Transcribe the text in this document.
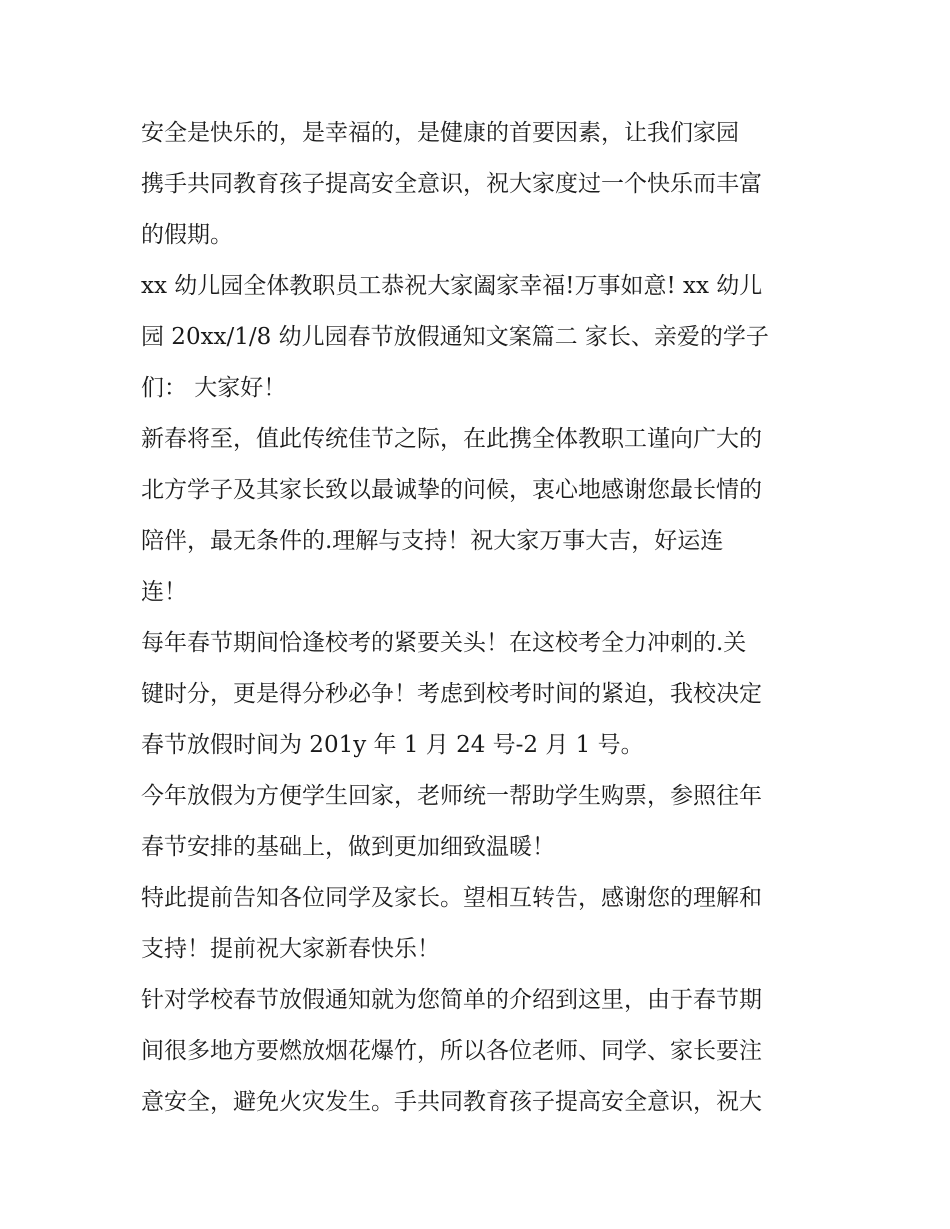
安全是快乐的，是幸福的，是健康的首要因素，让我们家园
携手共同教育孩子提高安全意识，祝大家度过一个快乐而丰富
的假期。
xx 幼儿园全体教职员工恭祝大家阖家幸福!万事如意! xx 幼儿
园 20xx/1/8 幼儿园春节放假通知文案篇二 家长、亲爱的学子
们： 大家好！
新春将至，值此传统佳节之际，在此携全体教职工谨向广大的
北方学子及其家长致以最诚挚的问候，衷心地感谢您最长情的
陪伴，最无条件的.理解与支持！祝大家万事大吉，好运连
连！
每年春节期间恰逢校考的紧要关头！在这校考全力冲刺的.关
键时分，更是得分秒必争！考虑到校考时间的紧迫，我校决定
春节放假时间为 201y 年 1 月 24 号-2 月 1 号。
今年放假为方便学生回家，老师统一帮助学生购票，参照往年
春节安排的基础上，做到更加细致温暖！
特此提前告知各位同学及家长。望相互转告，感谢您的理解和
支持！提前祝大家新春快乐！
针对学校春节放假通知就为您简单的介绍到这里，由于春节期
间很多地方要燃放烟花爆竹，所以各位老师、同学、家长要注
意安全，避免火灾发生。手共同教育孩子提高安全意识，祝大
